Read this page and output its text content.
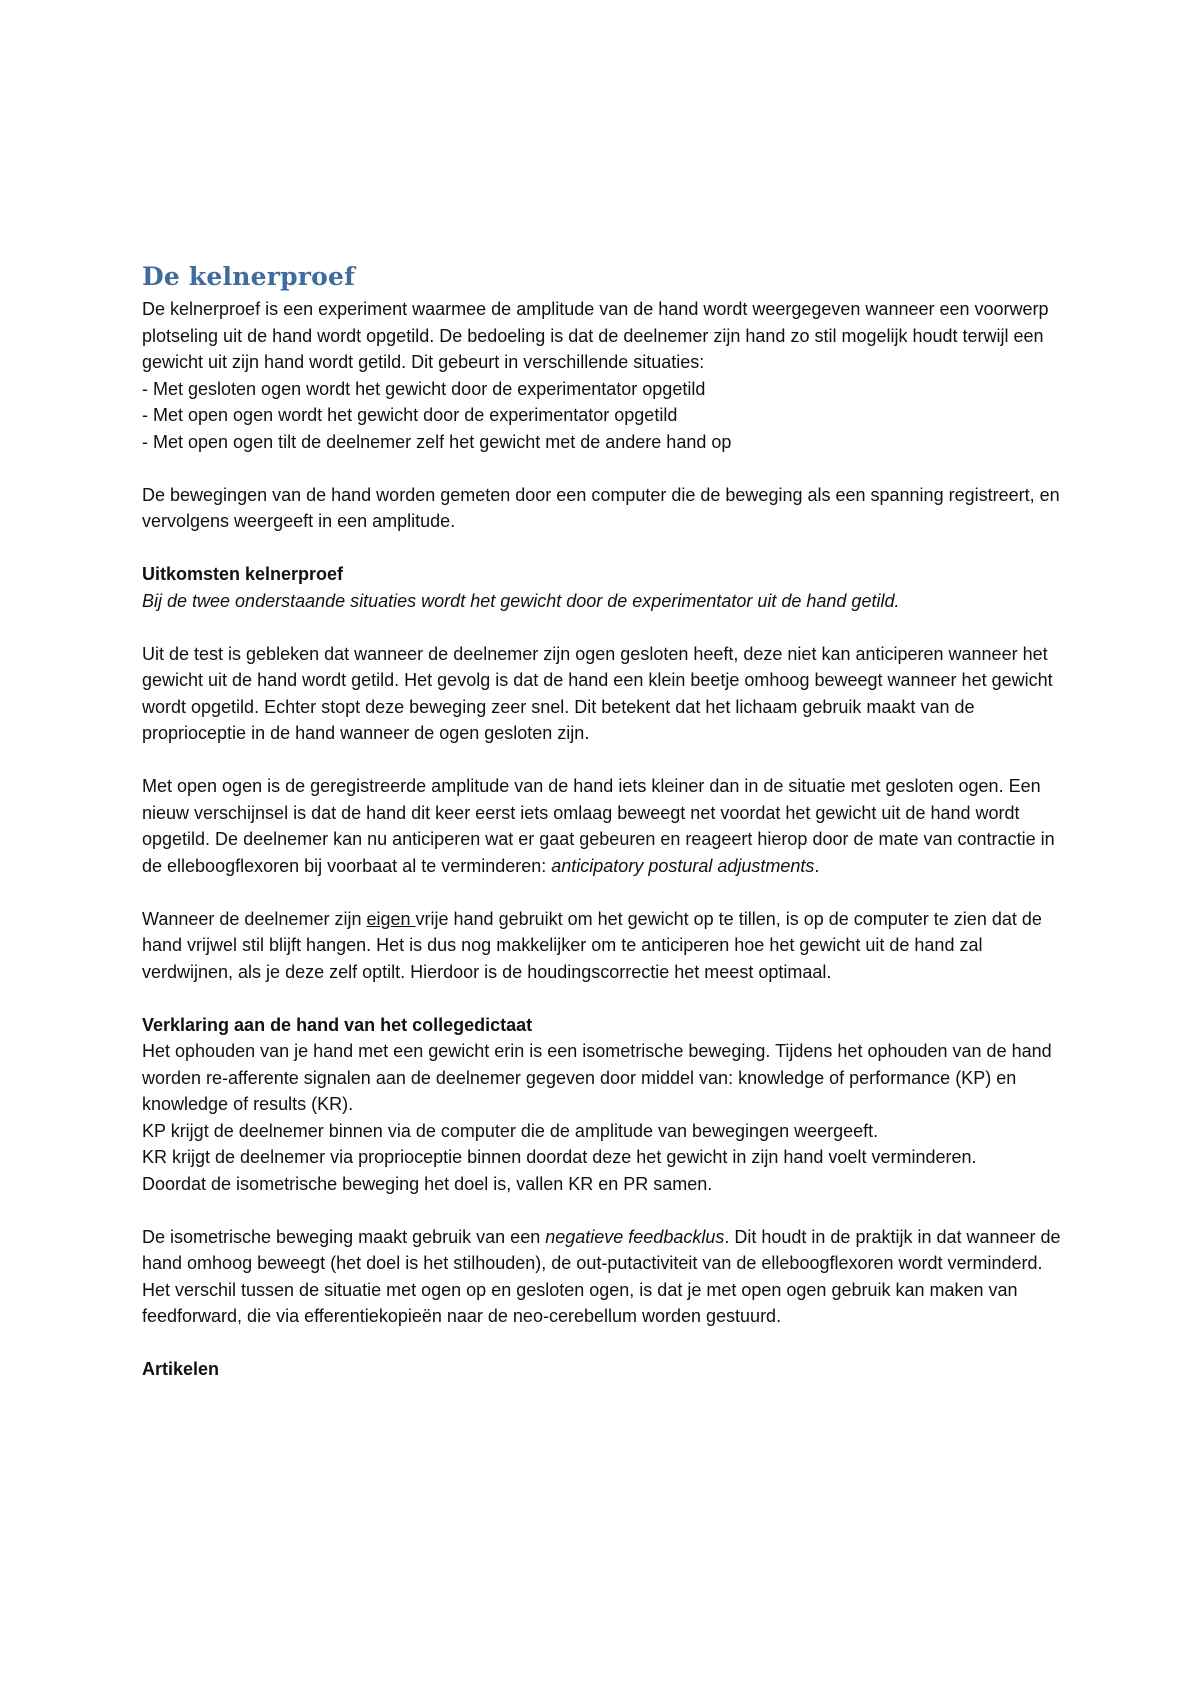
De kelnerproef

De kelnerproef is een experiment waarmee de amplitude van de hand wordt weergegeven wanneer een voorwerp plotseling uit de hand wordt opgetild. De bedoeling is dat de deelnemer zijn hand zo stil mogelijk houdt terwijl een gewicht uit zijn hand wordt getild. Dit gebeurt in verschillende situaties:

- Met gesloten ogen wordt het gewicht door de experimentator opgetild

- Met open ogen wordt het gewicht door de experimentator opgetild

- Met open ogen tilt de deelnemer zelf het gewicht met de andere hand op

De bewegingen van de hand worden gemeten door een computer die de beweging als een spanning registreert, en vervolgens weergeeft in een amplitude.

Uitkomsten kelnerproef

Bij de twee onderstaande situaties wordt het gewicht door de experimentator uit de hand getild.

Uit de test is gebleken dat wanneer de deelnemer zijn ogen gesloten heeft, deze niet kan anticiperen wanneer het gewicht uit de hand wordt getild. Het gevolg is dat de hand een klein beetje omhoog beweegt wanneer het gewicht wordt opgetild. Echter stopt deze beweging zeer snel. Dit betekent dat het lichaam gebruik maakt van de proprioceptie in de hand wanneer de ogen gesloten zijn.

Met open ogen is de geregistreerde amplitude van de hand iets kleiner dan in de situatie met gesloten ogen. Een nieuw verschijnsel is dat de hand dit keer eerst iets omlaag beweegt net voordat het gewicht uit de hand wordt opgetild. De deelnemer kan nu anticiperen wat er gaat gebeuren en reageert hierop door de mate van contractie in de elleboogflexoren bij voorbaat al te verminderen: anticipatory postural adjustments.

Wanneer de deelnemer zijn eigen vrije hand gebruikt om het gewicht op te tillen, is op de computer te zien dat de hand vrijwel stil blijft hangen. Het is dus nog makkelijker om te anticiperen hoe het gewicht uit de hand zal verdwijnen, als je deze zelf optilt. Hierdoor is de houdingscorrectie het meest optimaal.

Verklaring aan de hand van het collegedictaat

Het ophouden van je hand met een gewicht erin is een isometrische beweging. Tijdens het ophouden van de hand worden re-afferente signalen aan de deelnemer gegeven door middel van: knowledge of performance (KP) en knowledge of results (KR).

KP krijgt de deelnemer binnen via de computer die de amplitude van bewegingen weergeeft.

KR krijgt de deelnemer via proprioceptie binnen doordat deze het gewicht in zijn hand voelt verminderen.

Doordat de isometrische beweging het doel is, vallen KR en PR samen.

De isometrische beweging maakt gebruik van een negatieve feedbacklus. Dit houdt in de praktijk in dat wanneer de hand omhoog beweegt (het doel is het stilhouden), de out-putactiviteit van de elleboogflexoren wordt verminderd.

Het verschil tussen de situatie met ogen op en gesloten ogen, is dat je met open ogen gebruik kan maken van feedforward, die via efferentiekopieën naar de neo-cerebellum worden gestuurd.

Artikelen
